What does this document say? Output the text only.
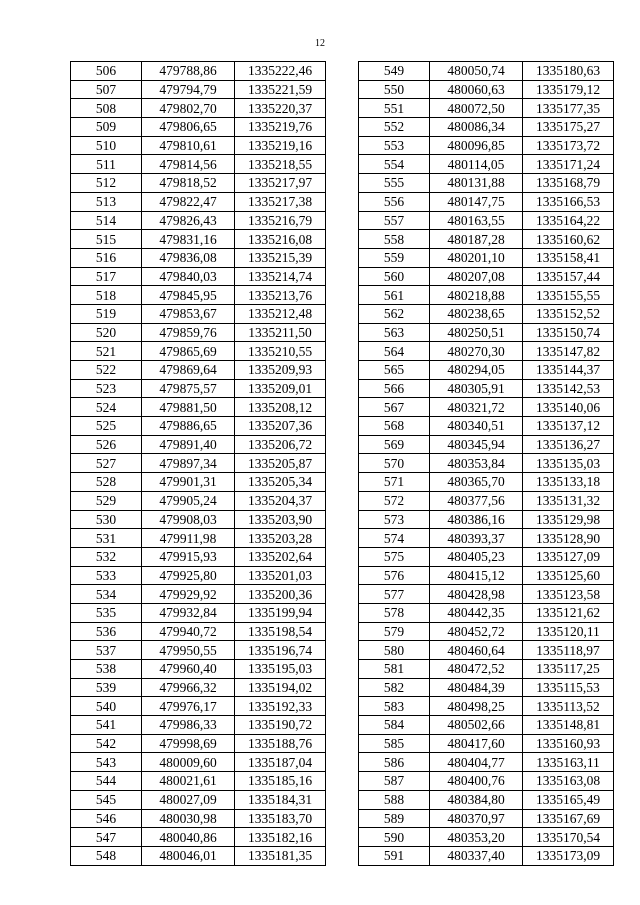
12
506	479788,86	1335222,46
507	479794,79	1335221,59
508	479802,70	1335220,37
509	479806,65	1335219,76
510	479810,61	1335219,16
511	479814,56	1335218,55
512	479818,52	1335217,97
513	479822,47	1335217,38
514	479826,43	1335216,79
515	479831,16	1335216,08
516	479836,08	1335215,39
517	479840,03	1335214,74
518	479845,95	1335213,76
519	479853,67	1335212,48
520	479859,76	1335211,50
521	479865,69	1335210,55
522	479869,64	1335209,93
523	479875,57	1335209,01
524	479881,50	1335208,12
525	479886,65	1335207,36
526	479891,40	1335206,72
527	479897,34	1335205,87
528	479901,31	1335205,34
529	479905,24	1335204,37
530	479908,03	1335203,90
531	479911,98	1335203,28
532	479915,93	1335202,64
533	479925,80	1335201,03
534	479929,92	1335200,36
535	479932,84	1335199,94
536	479940,72	1335198,54
537	479950,55	1335196,74
538	479960,40	1335195,03
539	479966,32	1335194,02
540	479976,17	1335192,33
541	479986,33	1335190,72
542	479998,69	1335188,76
543	480009,60	1335187,04
544	480021,61	1335185,16
545	480027,09	1335184,31
546	480030,98	1335183,70
547	480040,86	1335182,16
548	480046,01	1335181,35
549	480050,74	1335180,63
550	480060,63	1335179,12
551	480072,50	1335177,35
552	480086,34	1335175,27
553	480096,85	1335173,72
554	480114,05	1335171,24
555	480131,88	1335168,79
556	480147,75	1335166,53
557	480163,55	1335164,22
558	480187,28	1335160,62
559	480201,10	1335158,41
560	480207,08	1335157,44
561	480218,88	1335155,55
562	480238,65	1335152,52
563	480250,51	1335150,74
564	480270,30	1335147,82
565	480294,05	1335144,37
566	480305,91	1335142,53
567	480321,72	1335140,06
568	480340,51	1335137,12
569	480345,94	1335136,27
570	480353,84	1335135,03
571	480365,70	1335133,18
572	480377,56	1335131,32
573	480386,16	1335129,98
574	480393,37	1335128,90
575	480405,23	1335127,09
576	480415,12	1335125,60
577	480428,98	1335123,58
578	480442,35	1335121,62
579	480452,72	1335120,11
580	480460,64	1335118,97
581	480472,52	1335117,25
582	480484,39	1335115,53
583	480498,25	1335113,52
584	480502,66	1335148,81
585	480417,60	1335160,93
586	480404,77	1335163,11
587	480400,76	1335163,08
588	480384,80	1335165,49
589	480370,97	1335167,69
590	480353,20	1335170,54
591	480337,40	1335173,09
